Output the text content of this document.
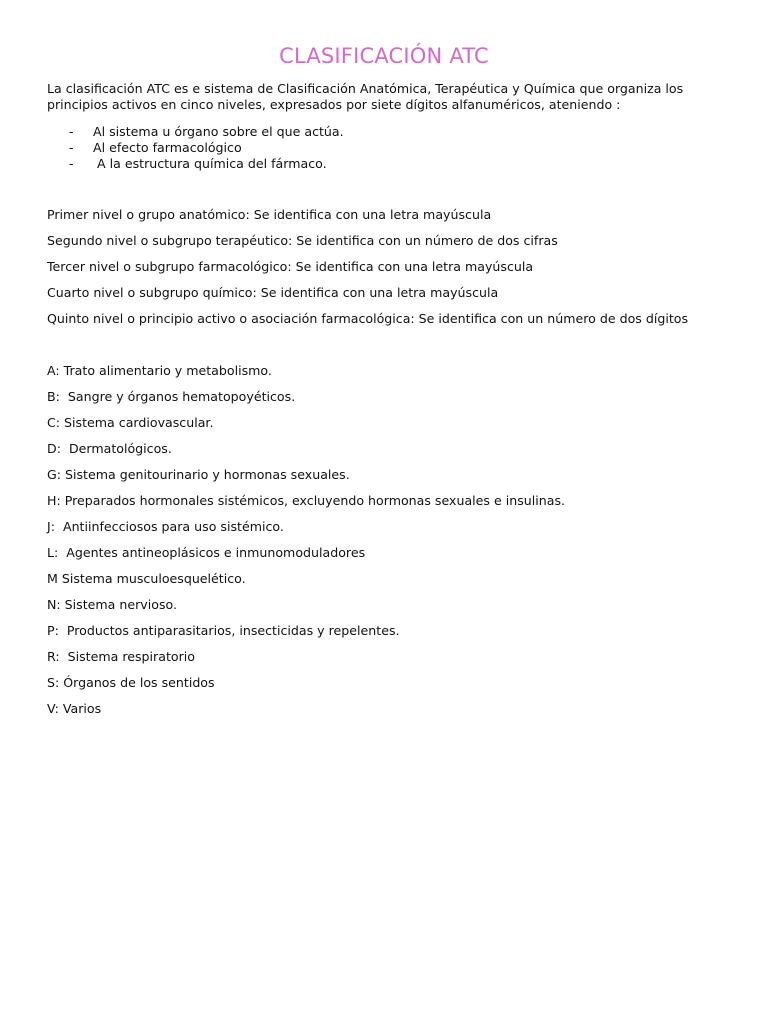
CLASIFICACIÓN ATC
La clasificación ATC es e sistema de Clasificación Anatómica, Terapéutica y Química que organiza los principios activos en cinco niveles, expresados por siete dígitos alfanuméricos, ateniendo :
- Al sistema u órgano sobre el que actúa.
- Al efecto farmacológico
- A la estructura química del fármaco.
Primer nivel o grupo anatómico: Se identifica con una letra mayúscula
Segundo nivel o subgrupo terapéutico: Se identifica con un número de dos cifras
Tercer nivel o subgrupo farmacológico: Se identifica con una letra mayúscula
Cuarto nivel o subgrupo químico: Se identifica con una letra mayúscula
Quinto nivel o principio activo o asociación farmacológica: Se identifica con un número de dos dígitos
A: Trato alimentario y metabolismo.
B:  Sangre y órganos hematopoyéticos.
C: Sistema cardiovascular.
D:  Dermatológicos.
G: Sistema genitourinario y hormonas sexuales.
H: Preparados hormonales sistémicos, excluyendo hormonas sexuales e insulinas.
J:  Antiinfecciosos para uso sistémico.
L:  Agentes antineoplásicos e inmunomoduladores
M Sistema musculoesquelético.
N: Sistema nervioso.
P:  Productos antiparasitarios, insecticidas y repelentes.
R:  Sistema respiratorio
S: Órganos de los sentidos
V: Varios
